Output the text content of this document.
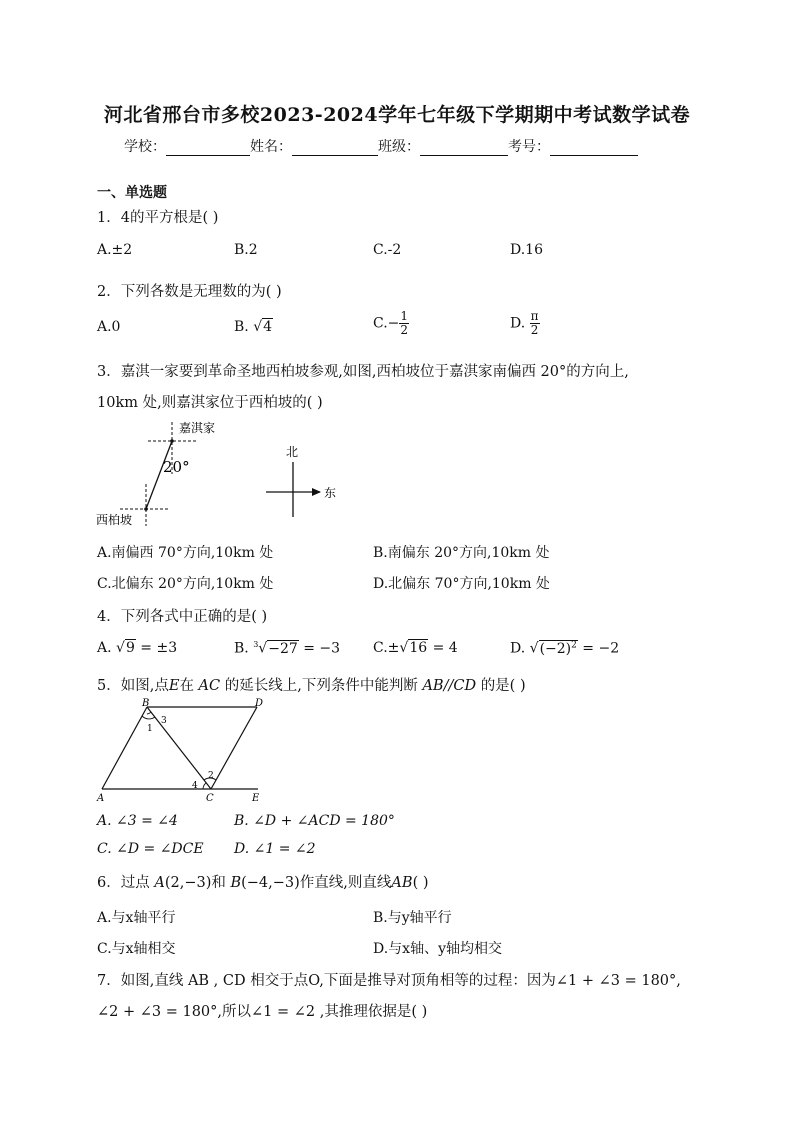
河北省邢台市多校2023-2024学年七年级下学期期中考试数学试卷
学校：	姓名：	班级：	考号：
一、单选题
1．4的平方根是( )
A.±2	B.2	C.-2	D.16
2．下列各数是无理数的为( )
A.0	B. √4	$C.- \frac{1}{2}$	D. $\frac{\pi}{2}$
3．嘉淇一家要到革命圣地西柏坡参观,如图,西柏坡位于嘉淇家南偏西 20°的方向上,
10km 处,则嘉淇家位于西柏坡的( )
嘉淇家
20°
西柏坡
北
东
A.南偏西 70°方向,10km 处	B.南偏东 20°方向,10km 处
C.北偏东 20°方向,10km 处	D.北偏东 70°方向,10km 处
4．下列各式中正确的是( )
A. √9 = ±3	B. $^3$√−27 = −3 C.±√16 = 4	D. $√(-2)^2 = -2$
5．如图,点E在 AC 的延长线上,下列条件中能判断 AB//CD 的是( )
B	D
A	C	E
1
3
2
4
A. ∠3 = ∠4	B. ∠D + ∠ACD = 180°
C. ∠D = ∠DCE D. ∠1 = ∠2
6．过点 A(2,−3)和 B(−4,−3)作直线,则直线AB( )
A.与x轴平行	B.与y轴平行
C.与x轴相交	D.与x轴、y轴均相交
7．如图,直线 AB , CD 相交于点O,下面是推导对顶角相等的过程：因为∠1 + ∠3 = 180°,
∠2 + ∠3 = 180°,所以∠1 = ∠2 ,其推理依据是( )
